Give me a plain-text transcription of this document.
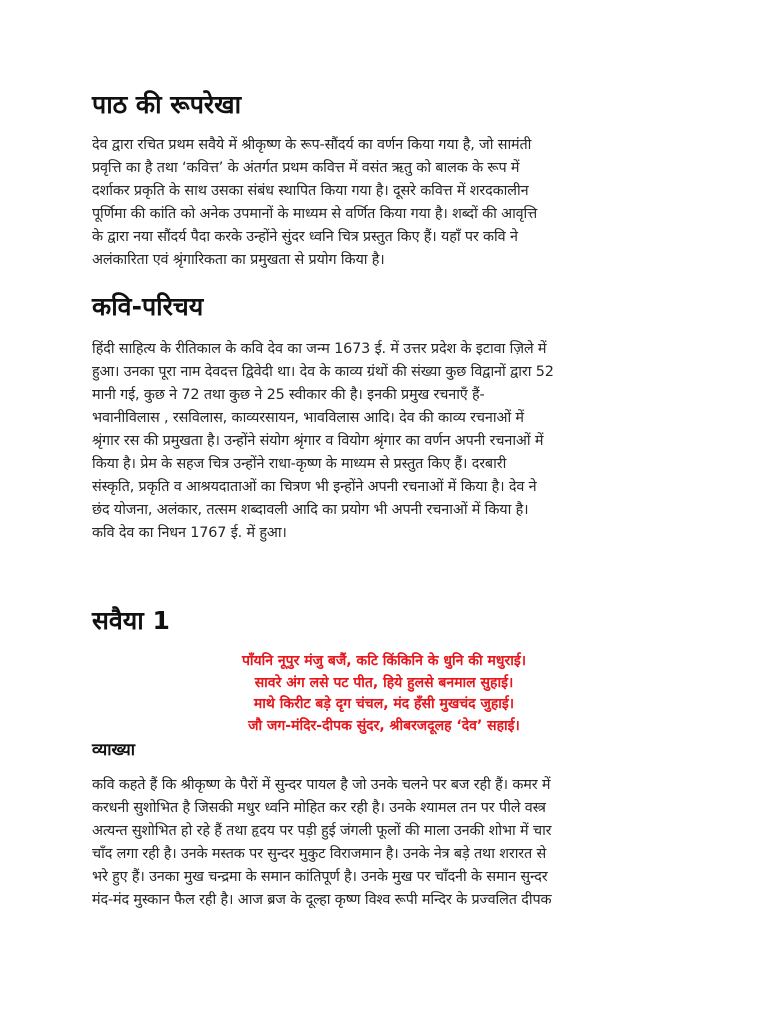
पाठ की रूपरेखा

देव द्वारा रचित प्रथम सवैये में श्रीकृष्ण के रूप-सौंदर्य का वर्णन किया गया है, जो सामंती
प्रवृत्ति का है तथा ‘कवित्त’ के अंतर्गत प्रथम कवित्त में वसंत ऋतु को बालक के रूप में
दर्शाकर प्रकृति के साथ उसका संबंध स्थापित किया गया है। दूसरे कवित्त में शरदकालीन
पूर्णिमा की कांति को अनेक उपमानों के माध्यम से वर्णित किया गया है। शब्दों की आवृत्ति
के द्वारा नया सौंदर्य पैदा करके उन्होंने सुंदर ध्वनि चित्र प्रस्तुत किए हैं। यहाँ पर कवि ने
अलंकारिता एवं श्रृंगारिकता का प्रमुखता से प्रयोग किया है।

कवि-परिचय

हिंदी साहित्य के रीतिकाल के कवि देव का जन्म 1673 ई. में उत्तर प्रदेश के इटावा ज़िले में
हुआ। उनका पूरा नाम देवदत्त द्विवेदी था। देव के काव्य ग्रंथों की संख्या कुछ विद्वानों द्वारा 52
मानी गई, कुछ ने 72 तथा कुछ ने 25 स्वीकार की है। इनकी प्रमुख रचनाएँ हैं-
भवानीविलास , रसविलास, काव्यरसायन, भावविलास आदि। देव की काव्य रचनाओं में
श्रृंगार रस की प्रमुखता है। उन्होंने संयोग श्रृंगार व वियोग श्रृंगार का वर्णन अपनी रचनाओं में
किया है। प्रेम के सहज चित्र उन्होंने राधा-कृष्ण के माध्यम से प्रस्तुत किए हैं। दरबारी
संस्कृति, प्रकृति व आश्रयदाताओं का चित्रण भी इन्होंने अपनी रचनाओं में किया है। देव ने
छंद योजना, अलंकार, तत्सम शब्दावली आदि का प्रयोग भी अपनी रचनाओं में किया है।
कवि देव का निधन 1767 ई. में हुआ।

सवैया 1

पाँयनि नूपुर मंजु बजैं, कटि किंकिनि के धुनि की मधुराई।
सावरे अंग लसे पट पीत, हिये हुलसे बनमाल सुहाई।
माथे किरीट बड़े दृग चंचल, मंद हँसी मुखचंद जुहाई।
जौ जग-मंदिर-दीपक सुंदर, श्रीबरजदूलह ‘देव’ सहाई।

व्याख्या

कवि कहते हैं कि श्रीकृष्ण के पैरों में सुन्दर पायल है जो उनके चलने पर बज रही हैं। कमर में
करधनी सुशोभित है जिसकी मधुर ध्वनि मोहित कर रही है। उनके श्यामल तन पर पीले वस्त्र
अत्यन्त सुशोभित हो रहे हैं तथा हृदय पर पड़ी हुई जंगली फूलों की माला उनकी शोभा में चार
चाँद लगा रही है। उनके मस्तक पर सुन्दर मुकुट विराजमान है। उनके नेत्र बड़े तथा शरारत से
भरे हुए हैं। उनका मुख चन्द्रमा के समान कांतिपूर्ण है। उनके मुख पर चाँदनी के समान सुन्दर
मंद-मंद मुस्कान फैल रही है। आज ब्रज के दूल्हा कृष्ण विश्व रूपी मन्दिर के प्रज्वलित दीपक
